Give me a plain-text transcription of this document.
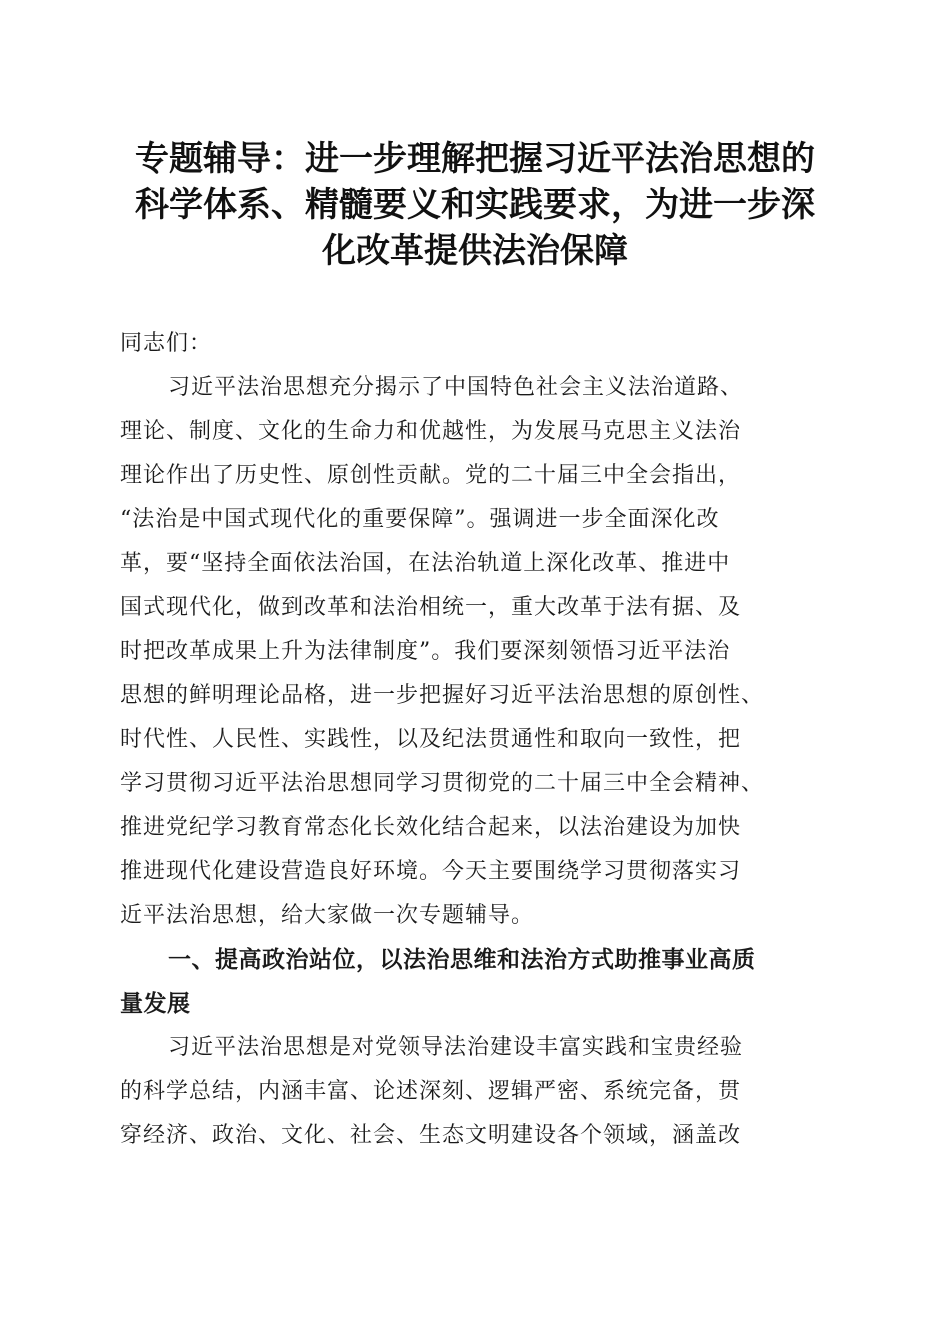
专题辅导：进一步理解把握习近平法治思想的
科学体系、精髓要义和实践要求，为进一步深
化改革提供法治保障
同志们：
习近平法治思想充分揭示了中国特色社会主义法治道路、
理论、制度、文化的生命力和优越性，为发展马克思主义法治
理论作出了历史性、原创性贡献。党的二十届三中全会指出，
“法治是中国式现代化的重要保障”。强调进一步全面深化改
革，要“坚持全面依法治国，在法治轨道上深化改革、推进中
国式现代化，做到改革和法治相统一，重大改革于法有据、及
时把改革成果上升为法律制度”。我们要深刻领悟习近平法治
思想的鲜明理论品格，进一步把握好习近平法治思想的原创性、
时代性、人民性、实践性，以及纪法贯通性和取向一致性，把
学习贯彻习近平法治思想同学习贯彻党的二十届三中全会精神、
推进党纪学习教育常态化长效化结合起来，以法治建设为加快
推进现代化建设营造良好环境。今天主要围绕学习贯彻落实习
近平法治思想，给大家做一次专题辅导。
一、提高政治站位，以法治思维和法治方式助推事业高质
量发展
习近平法治思想是对党领导法治建设丰富实践和宝贵经验
的科学总结，内涵丰富、论述深刻、逻辑严密、系统完备，贯
穿经济、政治、文化、社会、生态文明建设各个领域，涵盖改
